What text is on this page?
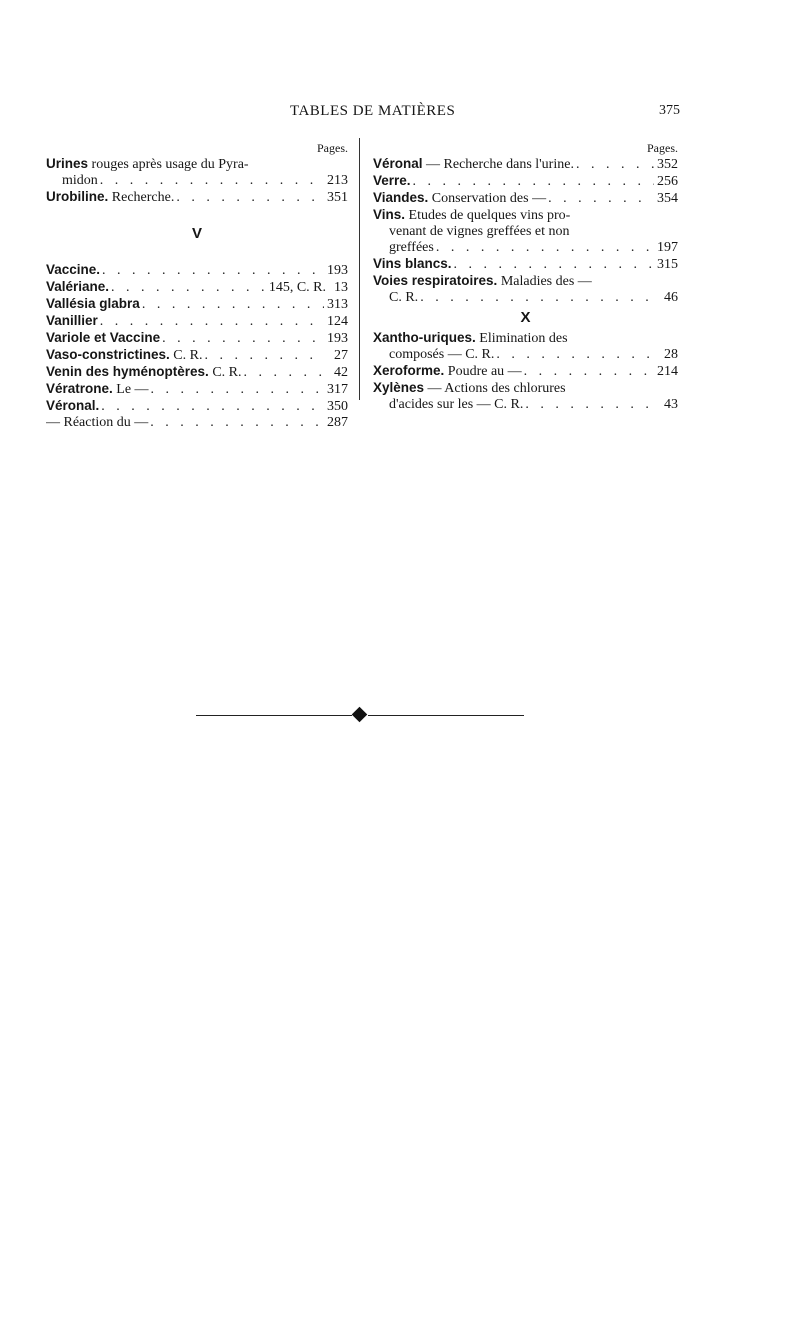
TABLES DE MATIÈRES	375
Pages.
Urines rouges après usage du Pyra-
midon . . .	213
Urobiline. Recherche. . . .	351
V
Vaccine. . . .	193
Valériane. . . .	145, C. R. 13
Vallésia glabra . . .	313
Vanillier . . .	124
Variole et Vaccine . . .	193
Vaso-constrictines. C. R. . . .	27
Venin des hyménoptères. C. R. . . .	42
Vératrone. Le — . . .	317
Véronal. . . .	350
— Réaction du — . . .	287
Pages.
Véronal — Recherche dans l'urine. . . .	352
Verre. . . .	256
Viandes. Conservation des — . . .	354
Vins. Etudes de quelques vins pro-
venant de vignes greffées et non
greffées . . .	197
Vins blancs. . . .	315
Voies respiratoires. Maladies des —
C. R. . . .	46
X
Xantho-uriques. Elimination des
composés — C. R. . . .	28
Xeroforme. Poudre au — . . .	214
Xylènes — Actions des chlorures
d'acides sur les — C. R. . . .	43
